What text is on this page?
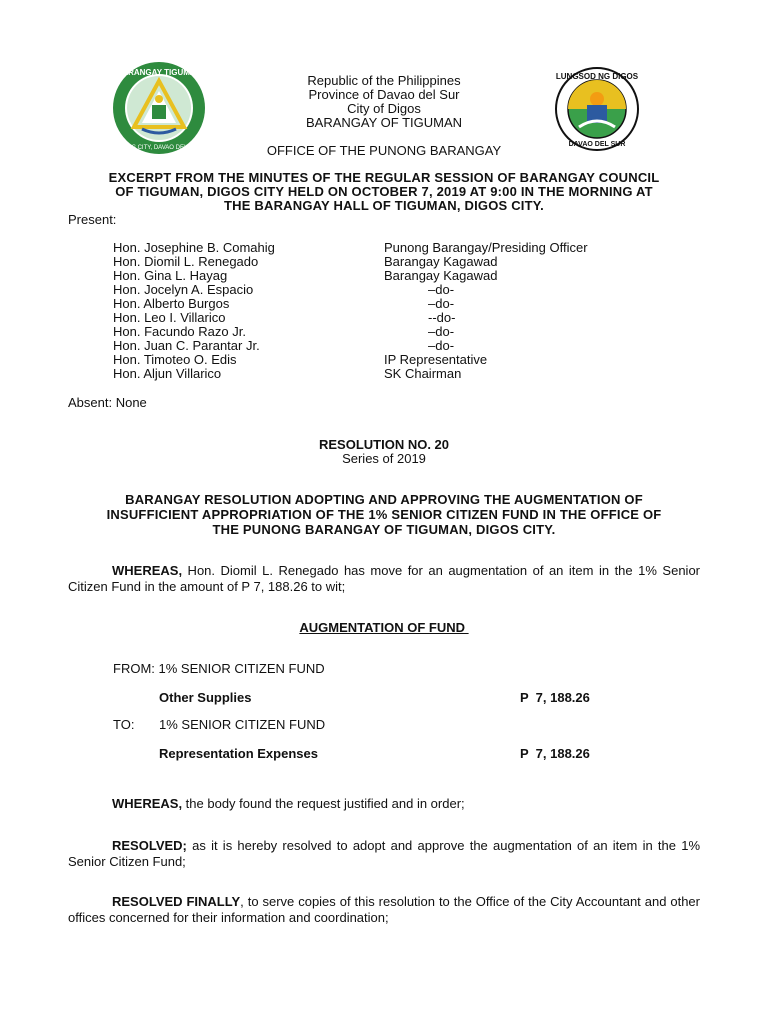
BARANGAY TIGUMAN
DIGOS CITY, DAVAO DEL SUR
LUNGSOD NG DIGOS
DAVAO DEL SUR
Republic of the Philippines
Province of Davao del Sur
City of Digos
BARANGAY OF TIGUMAN
OFFICE OF THE PUNONG BARANGAY
EXCERPT FROM THE MINUTES OF THE REGULAR SESSION OF BARANGAY COUNCIL
OF TIGUMAN, DIGOS CITY HELD ON OCTOBER 7, 2019 AT 9:00 IN THE MORNING AT
THE BARANGAY HALL OF TIGUMAN, DIGOS CITY.
Present:
Hon. Josephine B. Comahig	Punong Barangay/Presiding Officer
Hon. Diomil L. Renegado	Barangay Kagawad
Hon. Gina L. Hayag	Barangay Kagawad
Hon. Jocelyn A. Espacio	–do-
Hon. Alberto Burgos	–do-
Hon. Leo I. Villarico	--do-
Hon. Facundo Razo Jr.	–do-
Hon. Juan C. Parantar Jr.	–do-
Hon. Timoteo O. Edis	IP Representative
Hon. Aljun Villarico	SK Chairman
Absent: None
RESOLUTION NO. 20
Series of 2019
BARANGAY RESOLUTION ADOPTING AND APPROVING THE AUGMENTATION OF
INSUFFICIENT APPROPRIATION OF THE 1% SENIOR CITIZEN FUND IN THE OFFICE OF
THE PUNONG BARANGAY OF TIGUMAN, DIGOS CITY.
WHEREAS, Hon. Diomil L. Renegado has move for an augmentation of an item in the 1% Senior Citizen Fund in the amount of P 7, 188.26 to wit;
AUGMENTATION OF FUND
FROM: 1% SENIOR CITIZEN FUND
Other Supplies	P  7, 188.26
TO: 1% SENIOR CITIZEN FUND
Representation Expenses	P  7, 188.26
WHEREAS, the body found the request justified and in order;
RESOLVED; as it is hereby resolved to adopt and approve the augmentation of an item in the 1% Senior Citizen Fund;
RESOLVED FINALLY, to serve copies of this resolution to the Office of the City Accountant and other offices concerned for their information and coordination;
